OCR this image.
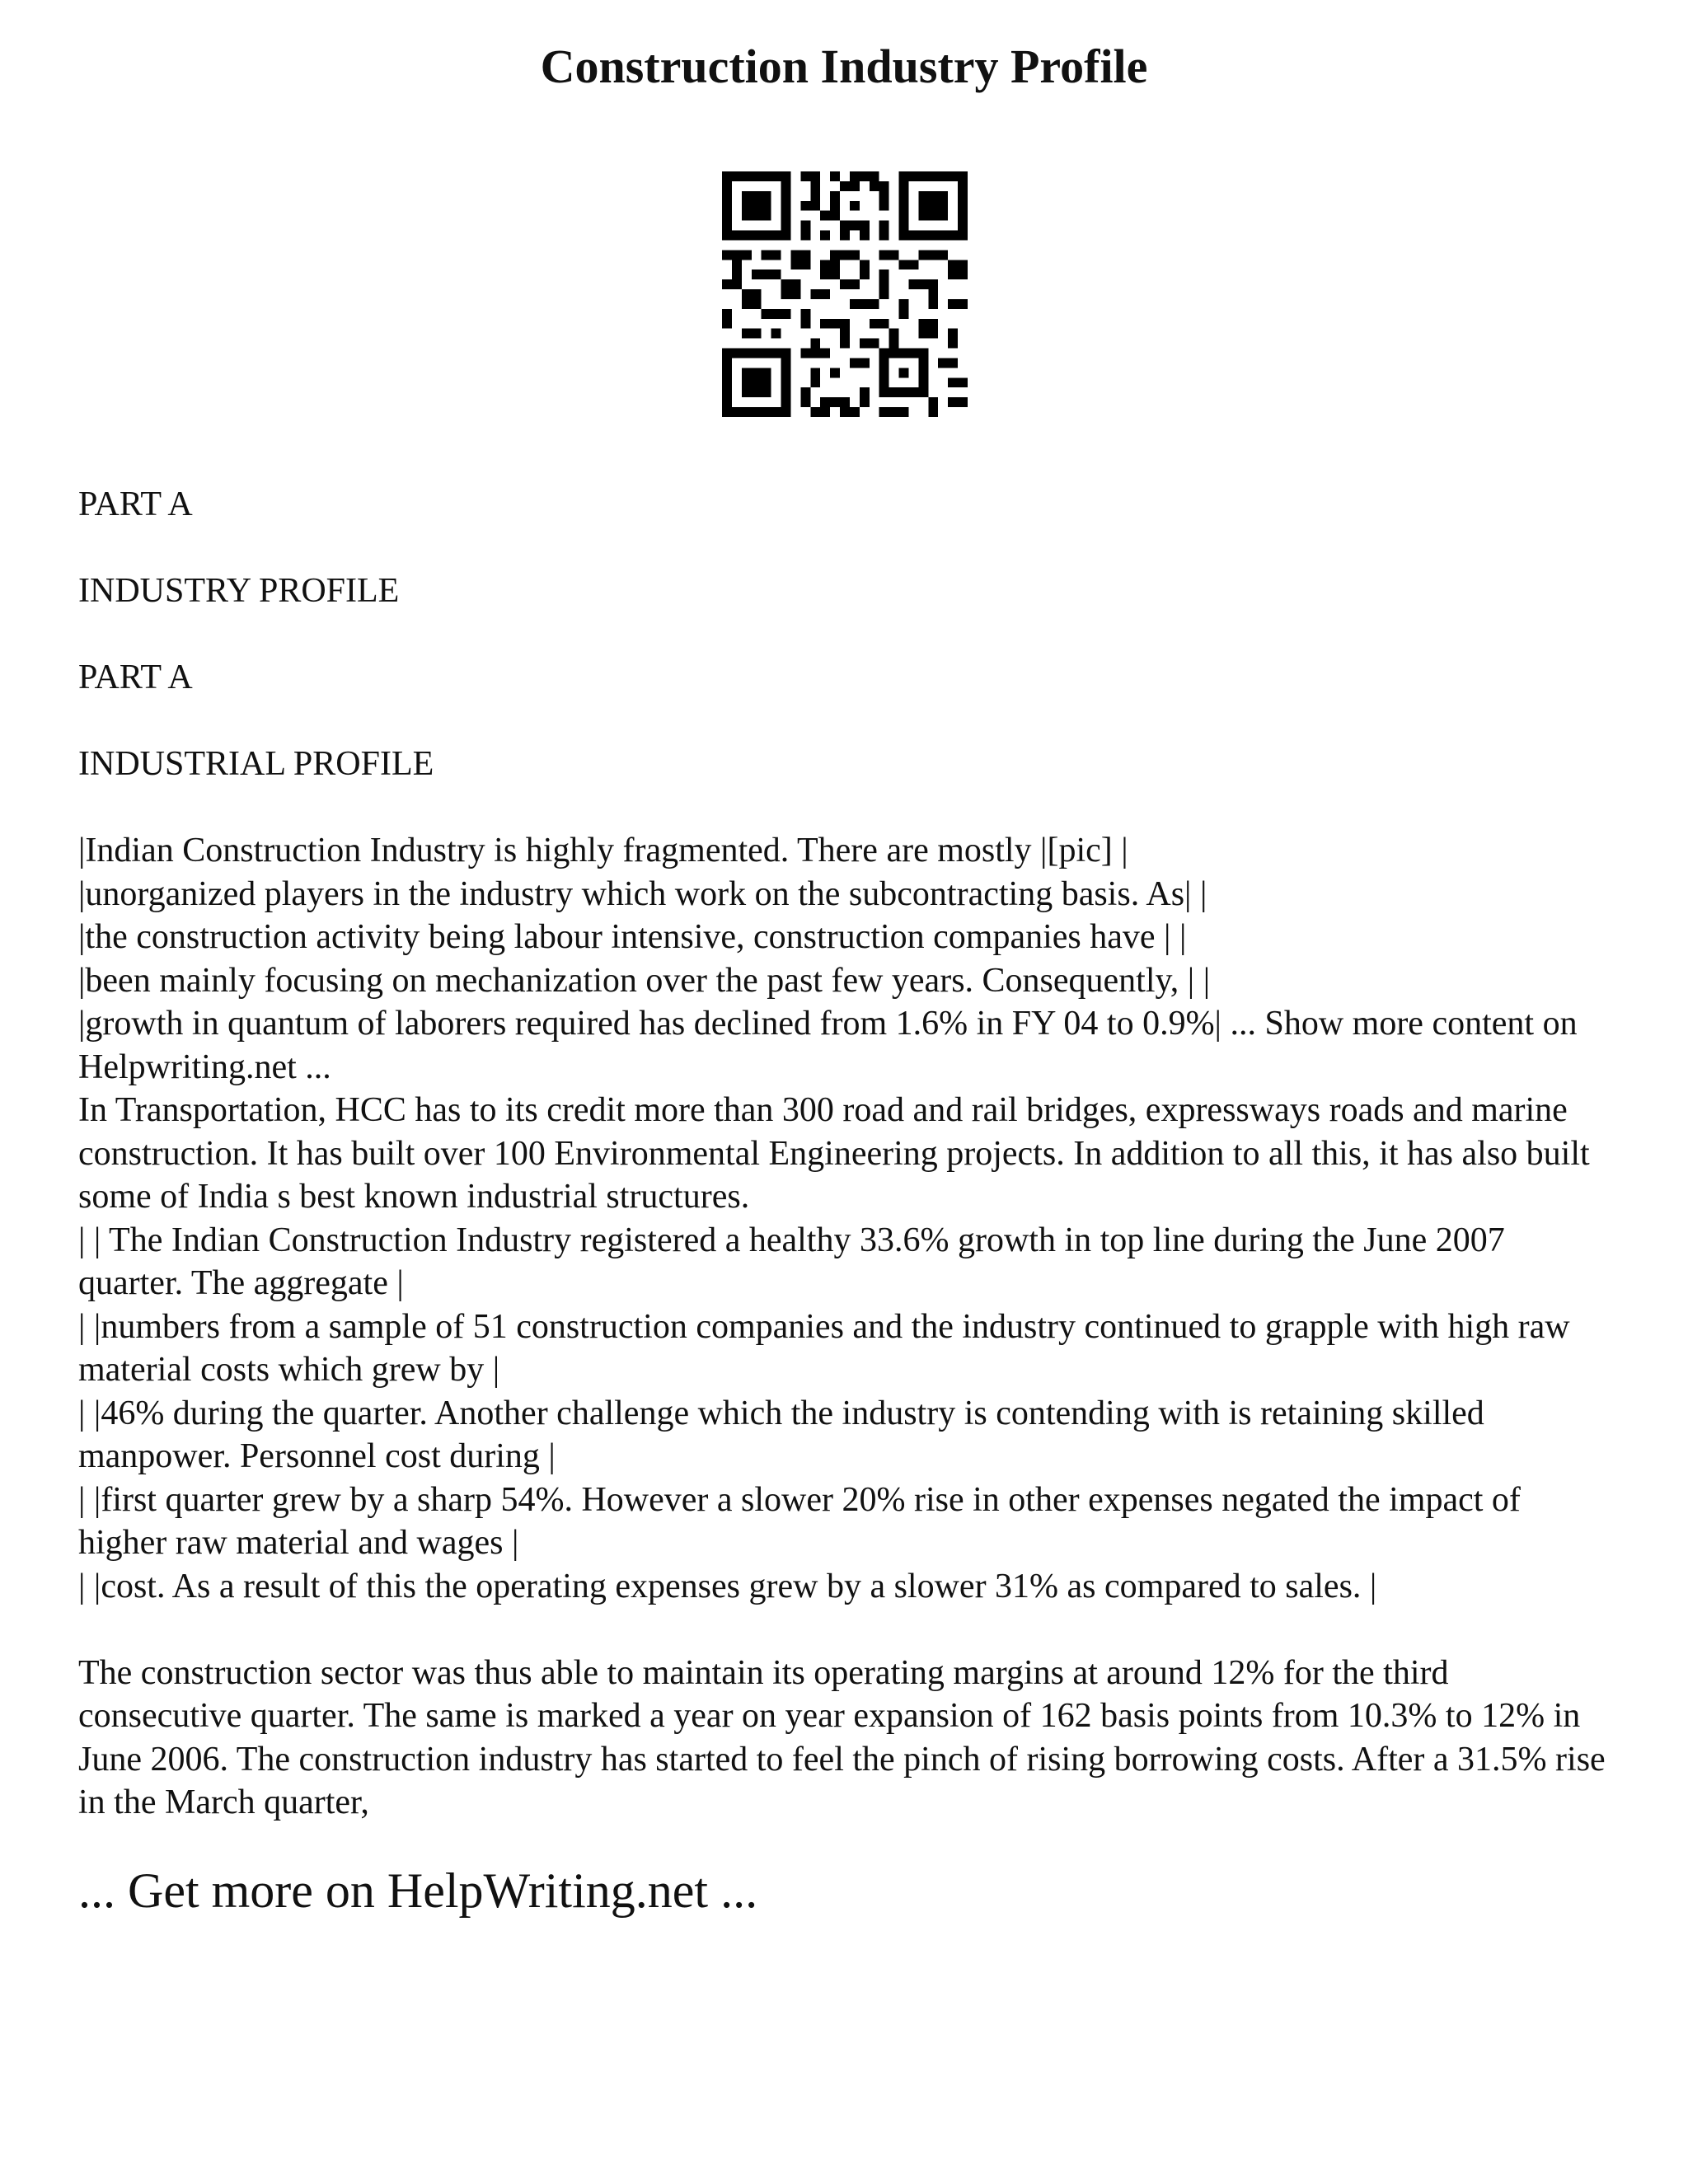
Construction Industry Profile

PART A

INDUSTRY PROFILE

PART A

INDUSTRIAL PROFILE

|Indian Construction Industry is highly fragmented. There are mostly |[pic] |

|unorganized players in the industry which work on the subcontracting basis. As| |

|the construction activity being labour intensive, construction companies have | |

|been mainly focusing on mechanization over the past few years. Consequently, | |

|growth in quantum of laborers required has declined from 1.6% in FY 04 to 0.9%| ... Show more content on Helpwriting.net ...

In Transportation, HCC has to its credit more than 300 road and rail bridges, expressways roads and marine construction. It has built over 100 Environmental Engineering projects. In addition to all this, it has also built some of India s best known industrial structures.

| | The Indian Construction Industry registered a healthy 33.6% growth in top line during the June 2007 quarter. The aggregate |

| |numbers from a sample of 51 construction companies and the industry continued to grapple with high raw material costs which grew by |

| |46% during the quarter. Another challenge which the industry is contending with is retaining skilled manpower. Personnel cost during |

| |first quarter grew by a sharp 54%. However a slower 20% rise in other expenses negated the impact of higher raw material and wages |

| |cost. As a result of this the operating expenses grew by a slower 31% as compared to sales. |

The construction sector was thus able to maintain its operating margins at around 12% for the third consecutive quarter. The same is marked a year on year expansion of 162 basis points from 10.3% to 12% in June 2006. The construction industry has started to feel the pinch of rising borrowing costs. After a 31.5% rise in the March quarter,

... Get more on HelpWriting.net ...
